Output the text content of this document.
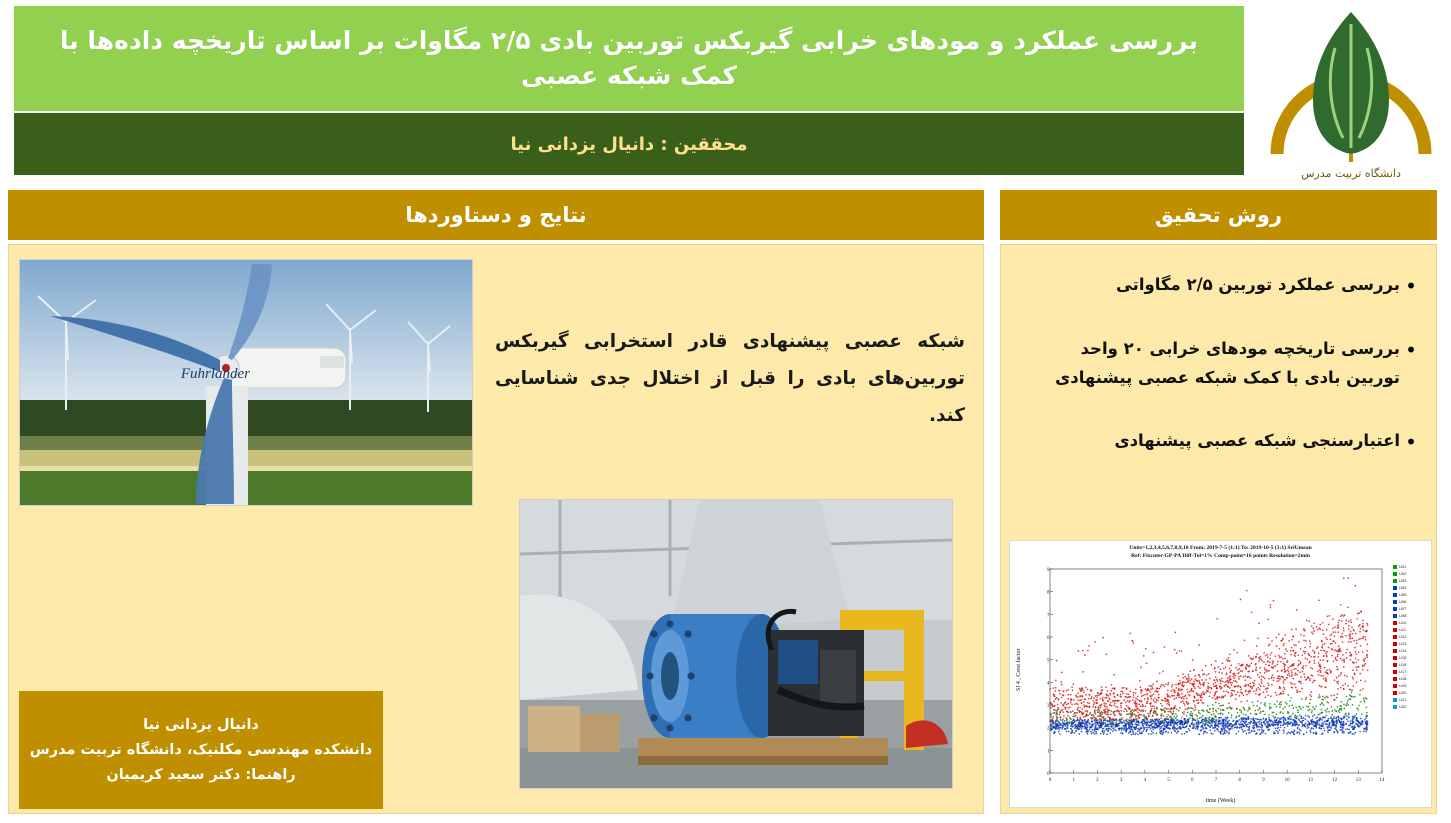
بررسی عملکرد و مودهای خرابی گیربکس توربین بادی ۲/۵ مگاوات بر اساس تاریخچه داده‌ها با کمک شبکه عصبی
محققین : دانیال یزدانی نیا
دانشگاه تربیت مدرس
نتایج و دستاوردها	روش تحقیق
Fuhrlander
شبکه عصبی پیشنهادی قادر استخرابی گیربکس توربین‌های بادی را قبل از اختلال جدی شناسایی کند.
دانیال یزدانی نیا
دانشکده مهندسی مکلنیک، دانشگاه تربیت مدرس
راهنما: دکتر سعید کریمیان
•
بررسی عملکرد توربین ۲/۵ مگاواتی
•
بررسی تاریخچه مودهای خرابی ۲۰ واحد توربین بادی با کمک شبکه عصبی پیشنهادی
•
اعتبارسنجی شبکه عصبی پیشنهادی
Units=1,2,3,4,5,6,7,8,9,10 From: 2019-7-5 (1:1) To: 2019-10-5 (1:1) SriUmean
Ref: Fixcuter-GP-PA Diff-Tol=1% Comp-point=16 points Resolution=2min
SI 4 , Crest factor
time (Week)
0	1	2	3	4	5	6	7	8	9	10	11	12	13	14
0
1
2
3
4
5
6
7
8
9
U01
U02
U03
U04
U05
U06
U07
U08
U10
U11
U12
U13
U14
U15
U16
U17
U18
U19
U20
U21
U22
